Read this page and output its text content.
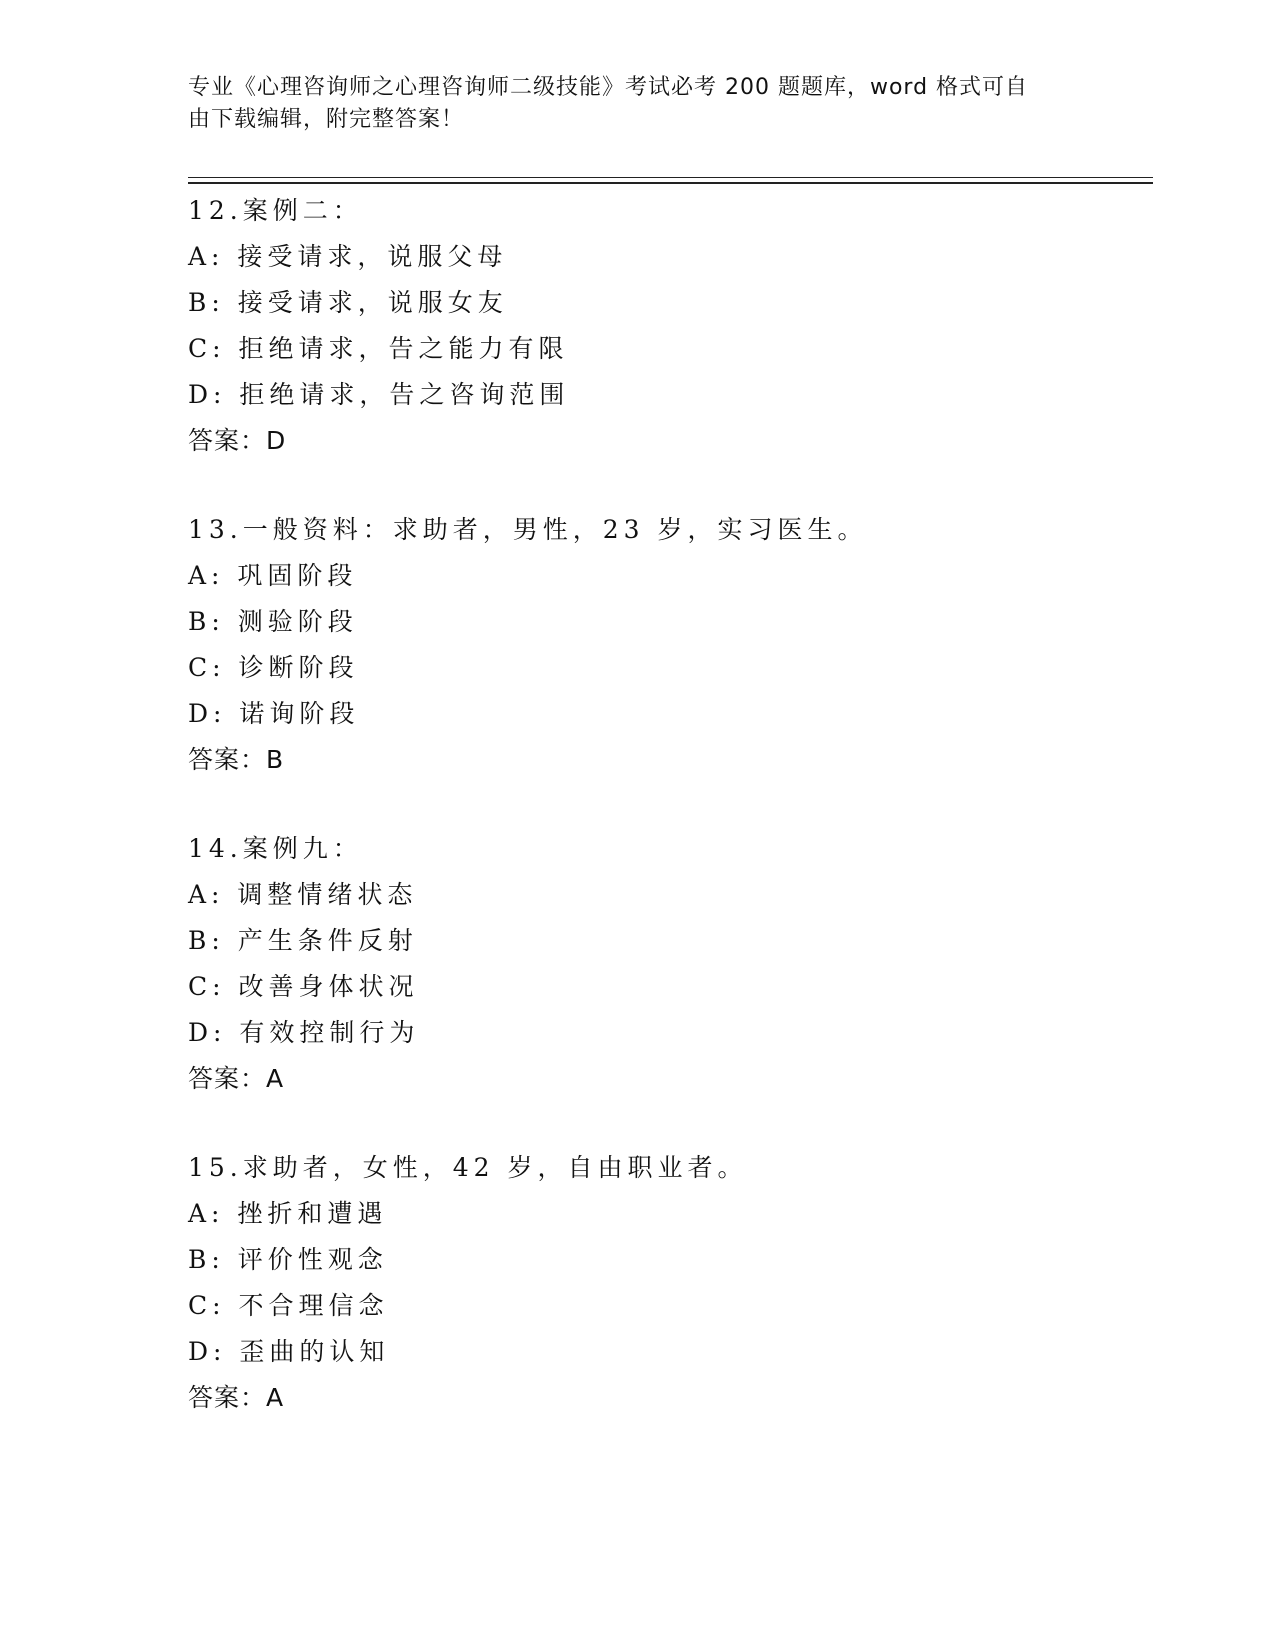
专业《心理咨询师之心理咨询师二级技能》考试必考 200 题题库，word 格式可自
由下载编辑，附完整答案！

12.案例二：
A: 接受请求，说服父母
B: 接受请求，说服女友
C: 拒绝请求，告之能力有限
D: 拒绝请求，告之咨询范围
答案：D
13.一般资料：求助者，男性，23 岁，实习医生。
A: 巩固阶段
B: 测验阶段
C: 诊断阶段
D: 诺询阶段
答案：B
14.案例九：
A: 调整情绪状态
B: 产生条件反射
C: 改善身体状况
D: 有效控制行为
答案：A
15.求助者，女性，42 岁，自由职业者。
A: 挫折和遭遇
B: 评价性观念
C: 不合理信念
D: 歪曲的认知
答案：A
